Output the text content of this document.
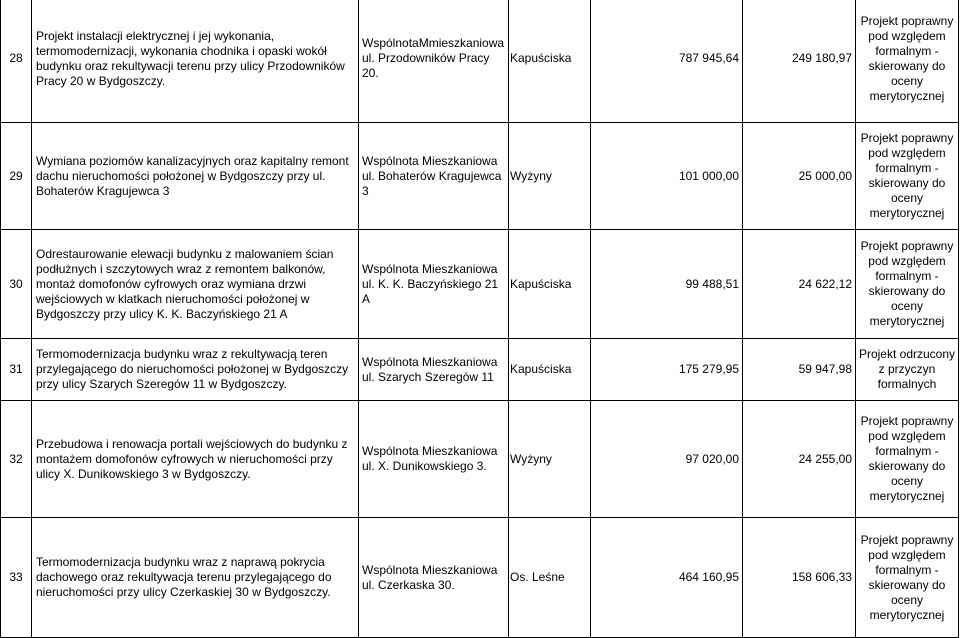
28	Projekt instalacji elektrycznej i jej wykonania, termomodernizacji, wykonania chodnika i opaski wokół budynku oraz rekultywacji terenu przy ulicy Przodowników Pracy 20 w Bydgoszczy.	WspólnotaMmieszkaniowa ul. Przodowników Pracy 20.	Kapuściska	787 945,64	249 180,97	Projekt poprawny pod względem formalnym - skierowany do oceny merytorycznej
29	Wymiana poziomów kanalizacyjnych oraz kapitalny remont dachu nieruchomości położonej w Bydgoszczy przy ul. Bohaterów Kragujewca 3	Wspólnota Mieszkaniowa ul. Bohaterów Kragujewca 3	Wyżyny	101 000,00	25 000,00	Projekt poprawny pod względem formalnym - skierowany do oceny merytorycznej
30	Odrestaurowanie elewacji budynku z malowaniem ścian podłużnych i szczytowych wraz z remontem balkonów, montaż domofonów cyfrowych oraz wymiana drzwi wejściowych w klatkach nieruchomości położonej w Bydgoszczy przy ulicy K. K. Baczyńskiego 21 A	Wspólnota Mieszkaniowa ul. K. K. Baczyńskiego 21 A	Kapuściska	99 488,51	24 622,12	Projekt poprawny pod względem formalnym - skierowany do oceny merytorycznej
31	Termomodernizacja budynku wraz z rekultywacją teren przylegającego do nieruchomości położonej w Bydgoszczy przy ulicy Szarych Szeregów 11 w Bydgoszczy.	Wspólnota Mieszkaniowa ul. Szarych Szeregów 11	Kapuściska	175 279,95	59 947,98	Projekt odrzucony z przyczyn formalnych
32	Przebudowa i renowacja portali wejściowych do budynku z montażem domofonów cyfrowych w nieruchomości przy ulicy X. Dunikowskiego 3 w Bydgoszczy.	Wspólnota Mieszkaniowa ul. X. Dunikowskiego 3.	Wyżyny	97 020,00	24 255,00	Projekt poprawny pod względem formalnym - skierowany do oceny merytorycznej
33	Termomodernizacja budynku wraz z naprawą pokrycia dachowego oraz rekultywacja terenu przylegającego do nieruchomości przy ulicy Czerkaskiej 30 w Bydgoszczy.	Wspólnota Mieszkaniowa ul. Czerkaska 30.	Os. Leśne	464 160,95	158 606,33	Projekt poprawny pod względem formalnym - skierowany do oceny merytorycznej
